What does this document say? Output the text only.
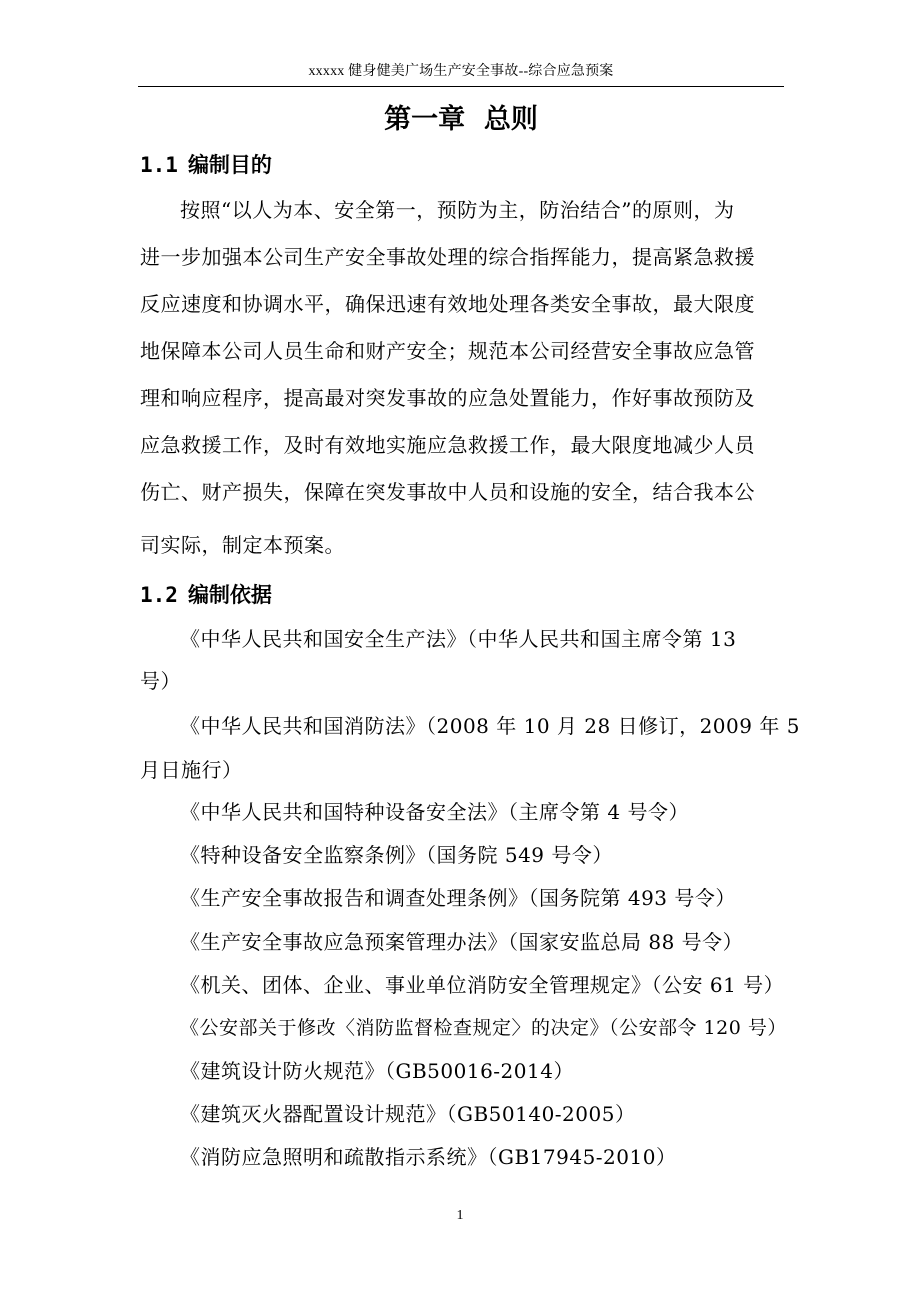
xxxxx 健身健美广场生产安全事故--综合应急预案
第一章  总则
1.1 编制目的
按照“以人为本、安全第一，预防为主，防治结合”的原则，为
进一步加强本公司生产安全事故处理的综合指挥能力，提高紧急救援
反应速度和协调水平，确保迅速有效地处理各类安全事故，最大限度
地保障本公司人员生命和财产安全；规范本公司经营安全事故应急管
理和响应程序，提高最对突发事故的应急处置能力，作好事故预防及
应急救援工作，及时有效地实施应急救援工作，最大限度地减少人员
伤亡、财产损失，保障在突发事故中人员和设施的安全，结合我本公
司实际，制定本预案。
1.2 编制依据
《中华人民共和国安全生产法》（中华人民共和国主席令第 13
号）
《中华人民共和国消防法》（2008 年 10 月 28 日修订，2009 年 5
月日施行）
《中华人民共和国特种设备安全法》（主席令第 4 号令）
《特种设备安全监察条例》（国务院 549 号令）
《生产安全事故报告和调查处理条例》（国务院第 493 号令）
《生产安全事故应急预案管理办法》（国家安监总局 88 号令）
《机关、团体、企业、事业单位消防安全管理规定》（公安 61 号）
《公安部关于修改〈消防监督检查规定〉的决定》（公安部令 120 号）
《建筑设计防火规范》（GB50016-2014）
《建筑灭火器配置设计规范》（GB50140-2005）
《消防应急照明和疏散指示系统》（GB17945-2010）
1
